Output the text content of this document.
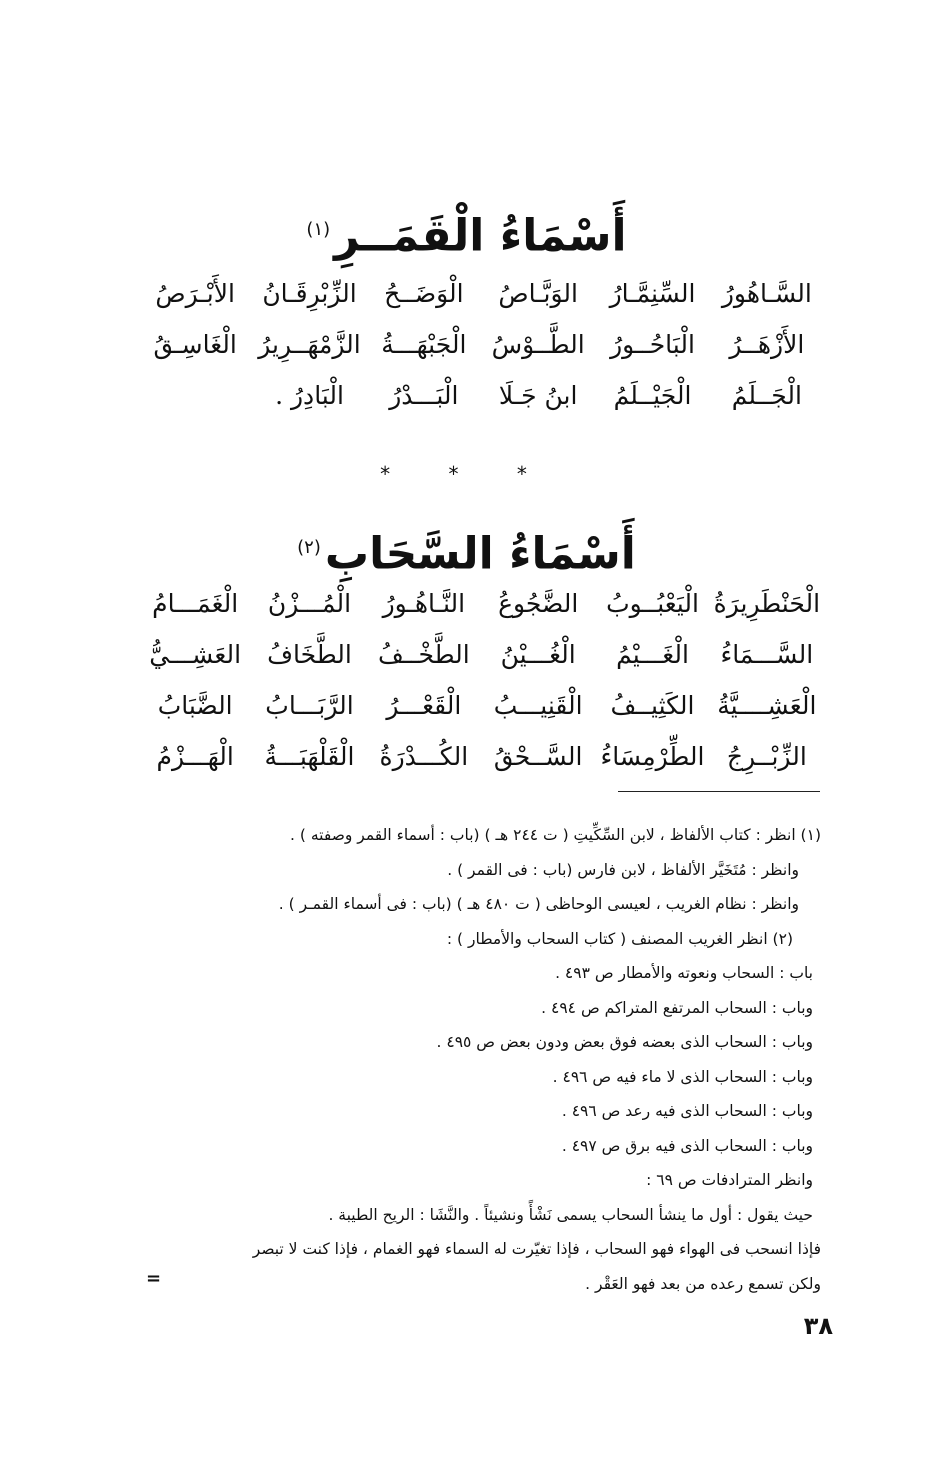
أَسْمَاءُ الْقَمَــرِ$^{(١)}$
السَّـاهُورُ
السِّنِمَّـارُ
الوَبَّـاصُ
الْوَضَــحُ
الزِّبْرِقَـانُ
الأَبْـرَصُ
الأَزْهَــرُ
الْبَاحُــورُ
الطَّــوْسُ
الْجَبْهَـــةُ
الزَّمْهَــرِيرُ
الْغَاسِـقُ
الْجَــلَمُ
الْجَيْــلَمُ
ابنُ جَـلَا
الْبَـــدْرُ
الْبَادِرُ .
* * *
أَسْمَاءُ السَّحَابِ$^{(٢)}$
الْحَنْطَرِيرَةُ
الْيَعْبُــوبُ
الضَّجُوعُ
النَّـاهُـورُ
الْمُـــزْنُ
الْغَمَـــامُ
السَّـــمَاءُ
الْغَـــيْمُ
الْغُـــيْنُ
الطَّخْــفُ
الطَّخَافُ
العَشِـــيُّ
الْعَشِــــيَّةُ
الكَثِيــفُ
الْقَنِيـــبُ
الْقَعْـــرُ
الرَّبَـــابُ
الضَّبَابُ
الزِّبْــرِجُ
الطِّرْمِسَاءُ
السَّــحْقُ
الكُـــدْرَةُ
الْقَلْهَبَـــةُ
الْهَـــزْمُ
(١) انظر : كتاب الألفاظ ، لابن السِّكِّيتِ ( ت ٢٤٤ هـ ) (باب : أسماء القمر وصفته ) .
وانظر : مُتَخَيَّر الألفاظ ، لابن فارس (باب : فى القمر ) .
وانظر : نظام الغريب ، لعيسى الوحاظى ( ت ٤٨٠ هـ ) (باب : فى أسماء القمـر ) .
(٢) انظر الغريب المصنف ( كتاب السحاب والأمطار ) :
باب : السحاب ونعوته والأمطار ص ٤٩٣ .
وباب : السحاب المرتفع المتراكم ص ٤٩٤ .
وباب : السحاب الذى بعضه فوق بعض ودون بعض ص ٤٩٥ .
وباب : السحاب الذى لا ماء فيه ص ٤٩٦ .
وباب : السحاب الذى فيه رعد ص ٤٩٦ .
وباب : السحاب الذى فيه برق ص ٤٩٧ .
وانظر المترادفات ص ٦٩ :
حيث يقول : أول ما ينشأ السحاب يسمى نَشْأً ونشيئاً . والنَّشَا : الريح الطيبة .
فإذا انسحب فى الهواء فهو السحاب ، فإذا تغيّرت له السماء فهو الغمام ، فإذا كنت لا تبصر
ولكن تسمع رعده من بعد فهو العَقْر .
=
٣٨
